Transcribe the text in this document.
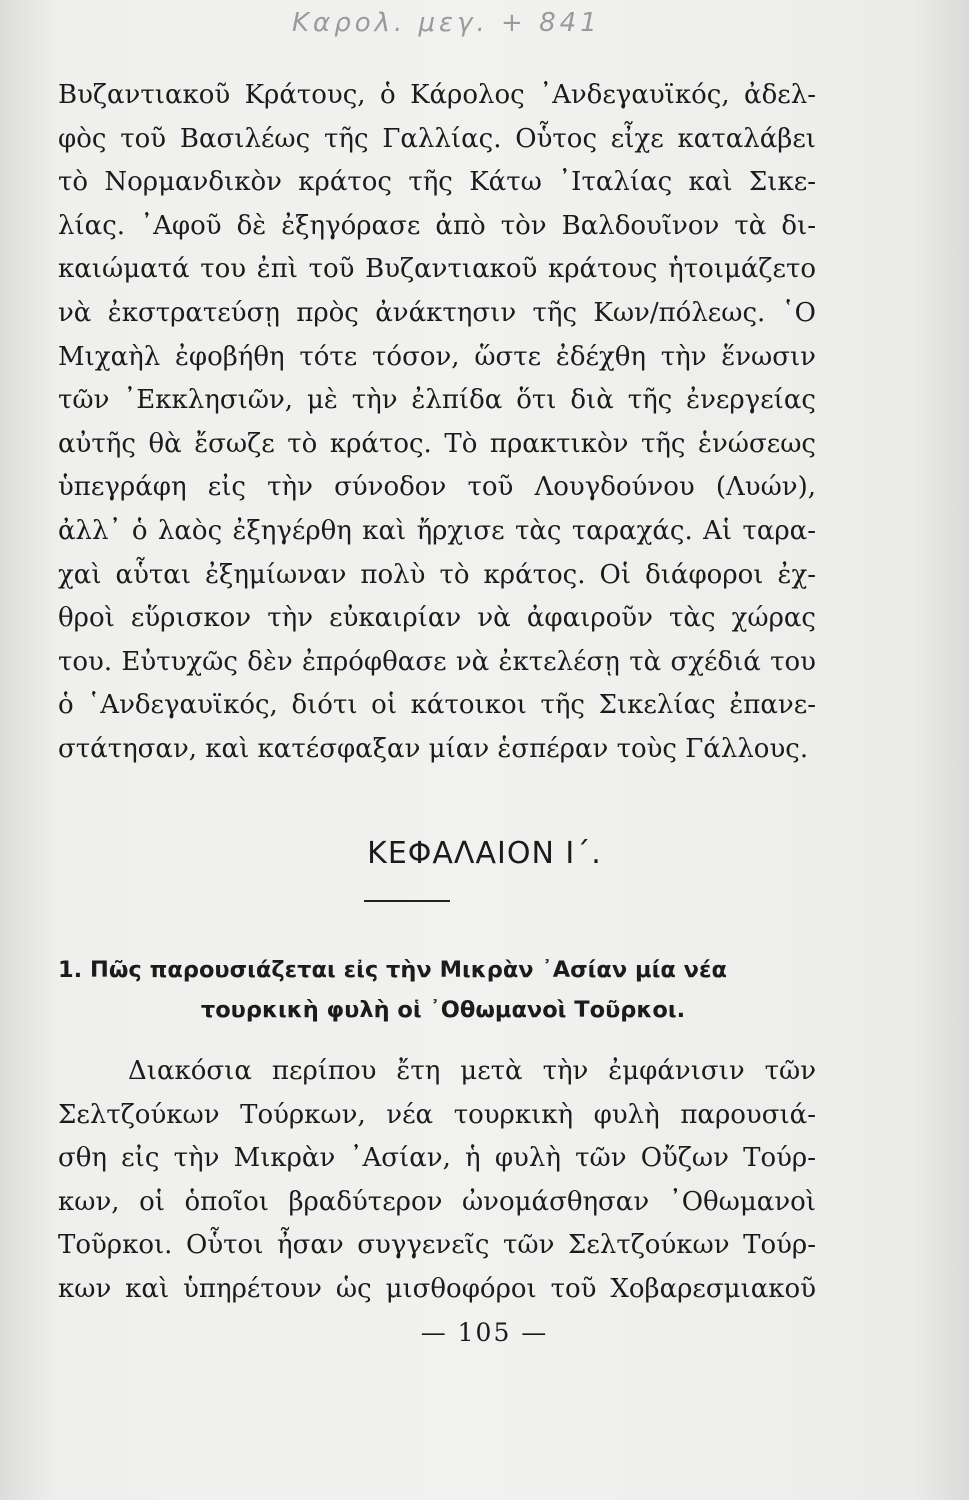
Καρολ. μεγ. + 841
Βυζαντιακοῦ Κράτους, ὁ Κάρολος ᾽Ανδεγαυϊκός, ἀδελ-
φὸς τοῦ Βασιλέως τῆς Γαλλίας. Οὗτος εἶχε καταλάβει
τὸ Νορμανδικὸν κράτος τῆς Κάτω ᾽Ιταλίας καὶ Σικε-
λίας. ᾽Αφοῦ δὲ ἐξηγόρασε ἀπὸ τὸν Βαλδουῖνον τὰ δι-
καιώματά του ἐπὶ τοῦ Βυζαντιακοῦ κράτους ἡτοιμάζετο
νὰ ἐκστρατεύσῃ πρὸς ἀνάκτησιν τῆς Κων/πόλεως. ῾Ο
Μιχαὴλ ἐφοβήθη τότε τόσον, ὥστε ἐδέχθη τὴν ἕνωσιν
τῶν ᾽Εκκλησιῶν, μὲ τὴν ἐλπίδα ὅτι διὰ τῆς ἐνεργείας
αὐτῆς θὰ ἔσωζε τὸ κράτος. Τὸ πρακτικὸν τῆς ἑνώσεως
ὑπεγράφη εἰς τὴν σύνοδον τοῦ Λουγδούνου (Λυών),
ἀλλ᾽ ὁ λαὸς ἐξηγέρθη καὶ ἤρχισε τὰς ταραχάς. Αἱ ταρα-
χαὶ αὗται ἐξημίωναν πολὺ τὸ κράτος. Οἱ διάφοροι ἐχ-
θροὶ εὕρισκον τὴν εὐκαιρίαν νὰ ἀφαιροῦν τὰς χώρας
του. Εὐτυχῶς δὲν ἐπρόφθασε νὰ ἐκτελέσῃ τὰ σχέδιά του
ὁ ῾Ανδεγαυϊκός, διότι οἱ κάτοικοι τῆς Σικελίας ἐπανε-
στάτησαν, καὶ κατέσφαξαν μίαν ἑσπέραν τοὺς Γάλλους.
ΚΕΦΑΛΑΙΟΝ Ι΄.
1. Πῶς παρουσιάζεται εἰς τὴν Μικρὰν ᾽Ασίαν μία νέα
τουρκικὴ φυλὴ οἱ ᾽Οθωμανοὶ Τοῦρκοι.
Διακόσια περίπου ἔτη μετὰ τὴν ἐμφάνισιν τῶν
Σελτζούκων Τούρκων, νέα τουρκικὴ φυλὴ παρουσιά-
σθη εἰς τὴν Μικρὰν ᾽Ασίαν, ἡ φυλὴ τῶν Οὔζων Τούρ-
κων, οἱ ὁποῖοι βραδύτερον ὠνομάσθησαν ᾽Οθωμανοὶ
Τοῦρκοι. Οὗτοι ἦσαν συγγενεῖς τῶν Σελτζούκων Τούρ-
κων καὶ ὑπηρέτουν ὡς μισθοφόροι τοῦ Χοβαρεσμιακοῦ
— 105 —
